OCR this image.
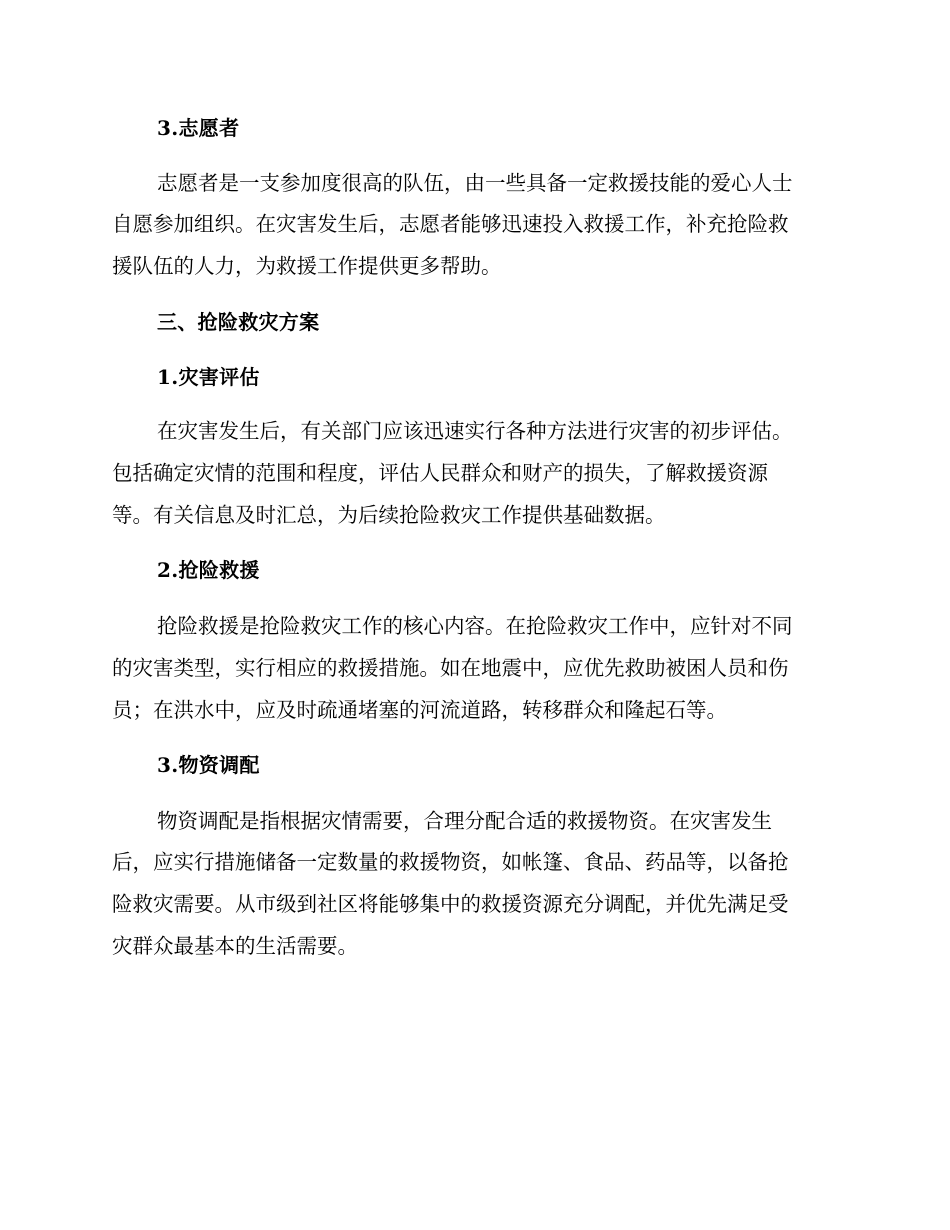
3.志愿者
志愿者是一支参加度很高的队伍，由一些具备一定救援技能的爱心人士
自愿参加组织。在灾害发生后，志愿者能够迅速投入救援工作，补充抢险救
援队伍的人力，为救援工作提供更多帮助。
三、抢险救灾方案
1.灾害评估
在灾害发生后，有关部门应该迅速实行各种方法进行灾害的初步评估。
包括确定灾情的范围和程度，评估人民群众和财产的损失，了解救援资源
等。有关信息及时汇总，为后续抢险救灾工作提供基础数据。
2.抢险救援
抢险救援是抢险救灾工作的核心内容。在抢险救灾工作中，应针对不同
的灾害类型，实行相应的救援措施。如在地震中，应优先救助被困人员和伤
员；在洪水中，应及时疏通堵塞的河流道路，转移群众和隆起石等。
3.物资调配
物资调配是指根据灾情需要，合理分配合适的救援物资。在灾害发生
后，应实行措施储备一定数量的救援物资，如帐篷、食品、药品等，以备抢
险救灾需要。从市级到社区将能够集中的救援资源充分调配，并优先满足受
灾群众最基本的生活需要。
